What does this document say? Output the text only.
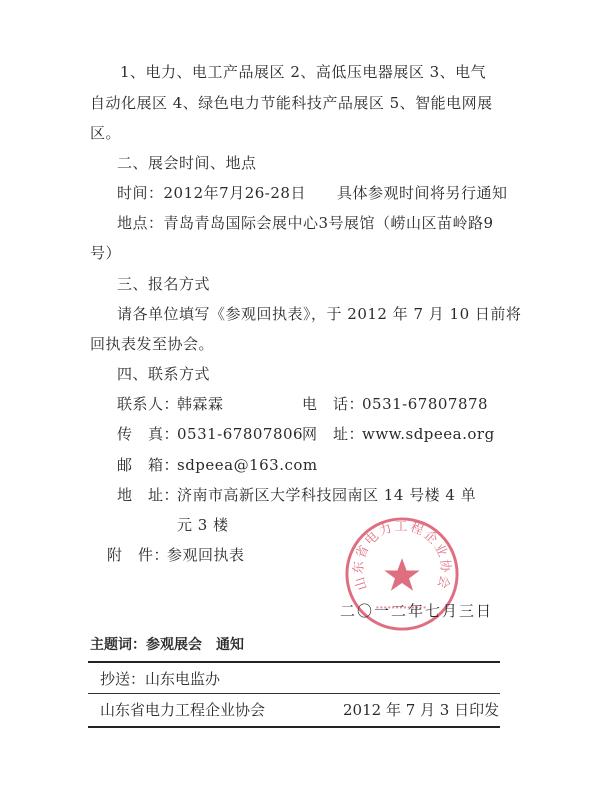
1、电力、电工产品展区 2、高低压电器展区 3、电气
自动化展区 4、绿色电力节能科技产品展区 5、智能电网展
区。
二、展会时间、地点
时间：2012年7月26-28日　　具体参观时间将另行通知
地点：青岛青岛国际会展中心3号展馆（崂山区苗岭路9
号）
三、报名方式
请各单位填写《参观回执表》，于 2012 年 7 月 10 日前将
回执表发至协会。
四、联系方式
联系人：
韩霖霖	电　话：
0531-67807878
传　真：
0531-67807806
网　址：
www.sdpeea.org
邮　箱：
sdpeea@163.com
地　址：
济南市高新区大学科技园南区 14 号楼 4 单
元 3 楼
附　件：
参观回执表
山东省电力工程企业协会
二〇一二年七月三日
主题词：参观展会　通知
抄送：山东电监办
山东省电力工程企业协会	2012 年 7 月 3 日印发
